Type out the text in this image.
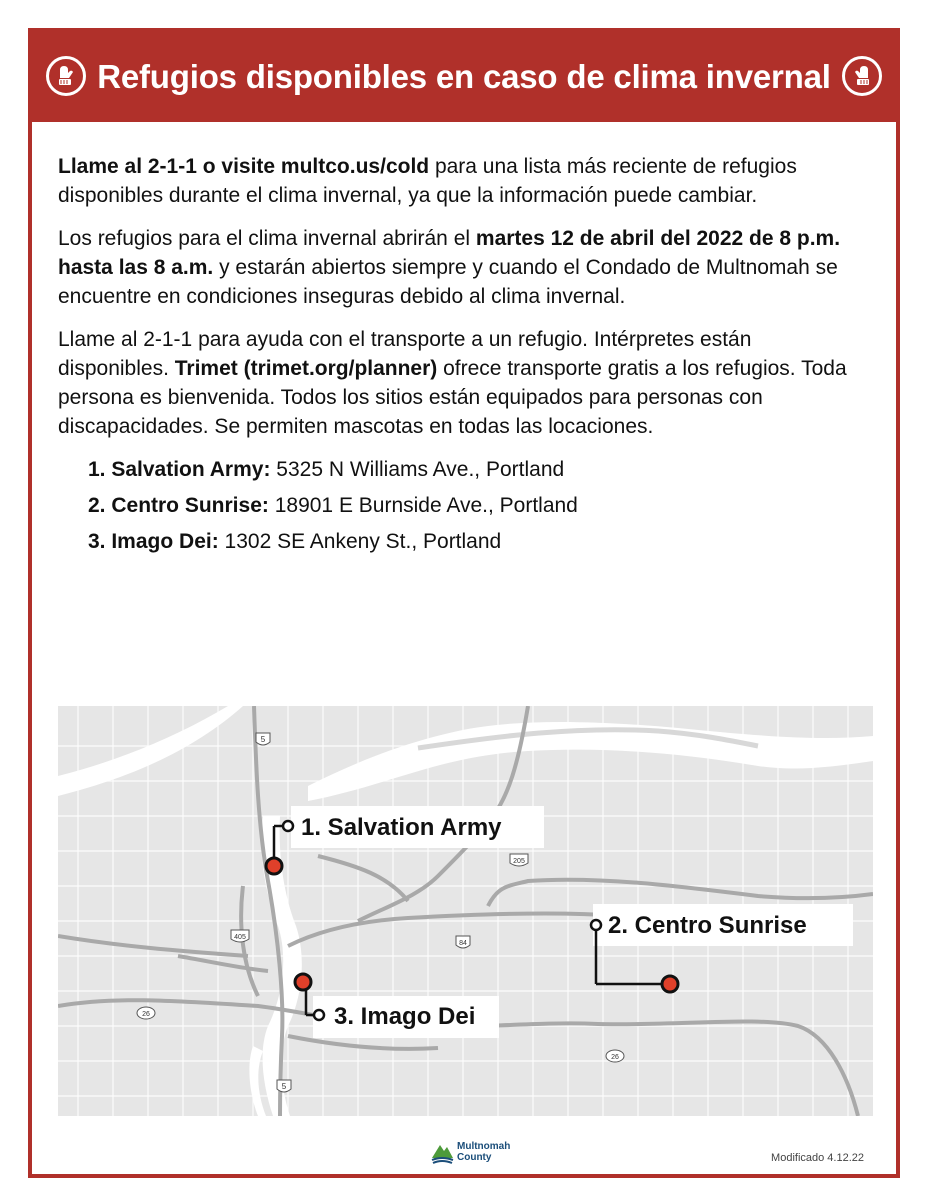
Refugios disponibles en caso de clima invernal

Llame al 2-1-1 o visite multco.us/cold para una lista más reciente de refugios disponibles durante el clima invernal, ya que la información puede cambiar.

Los refugios para el clima invernal abrirán el martes 12 de abril del 2022 de 8 p.m. hasta las 8 a.m. y estarán abiertos siempre y cuando el Condado de Multnomah se encuentre en condiciones inseguras debido al clima invernal.

Llame al 2-1-1 para ayuda con el transporte a un refugio. Intérpretes están disponibles. Trimet (trimet.org/planner) ofrece transporte gratis a los refugios. Toda persona es bienvenida. Todos los sitios están equipados para personas con discapacidades. Se permiten mascotas en todas las locaciones.

1. Salvation Army: 5325 N Williams Ave., Portland
2. Centro Sunrise: 18901 E Burnside Ave., Portland
3. Imago Dei: 1302 SE Ankeny St., Portland
5
5
405
84
205
26
26
1. Salvation Army
2. Centro Sunrise
3. Imago Dei
Multnomah
County	Modificado 4.12.22
